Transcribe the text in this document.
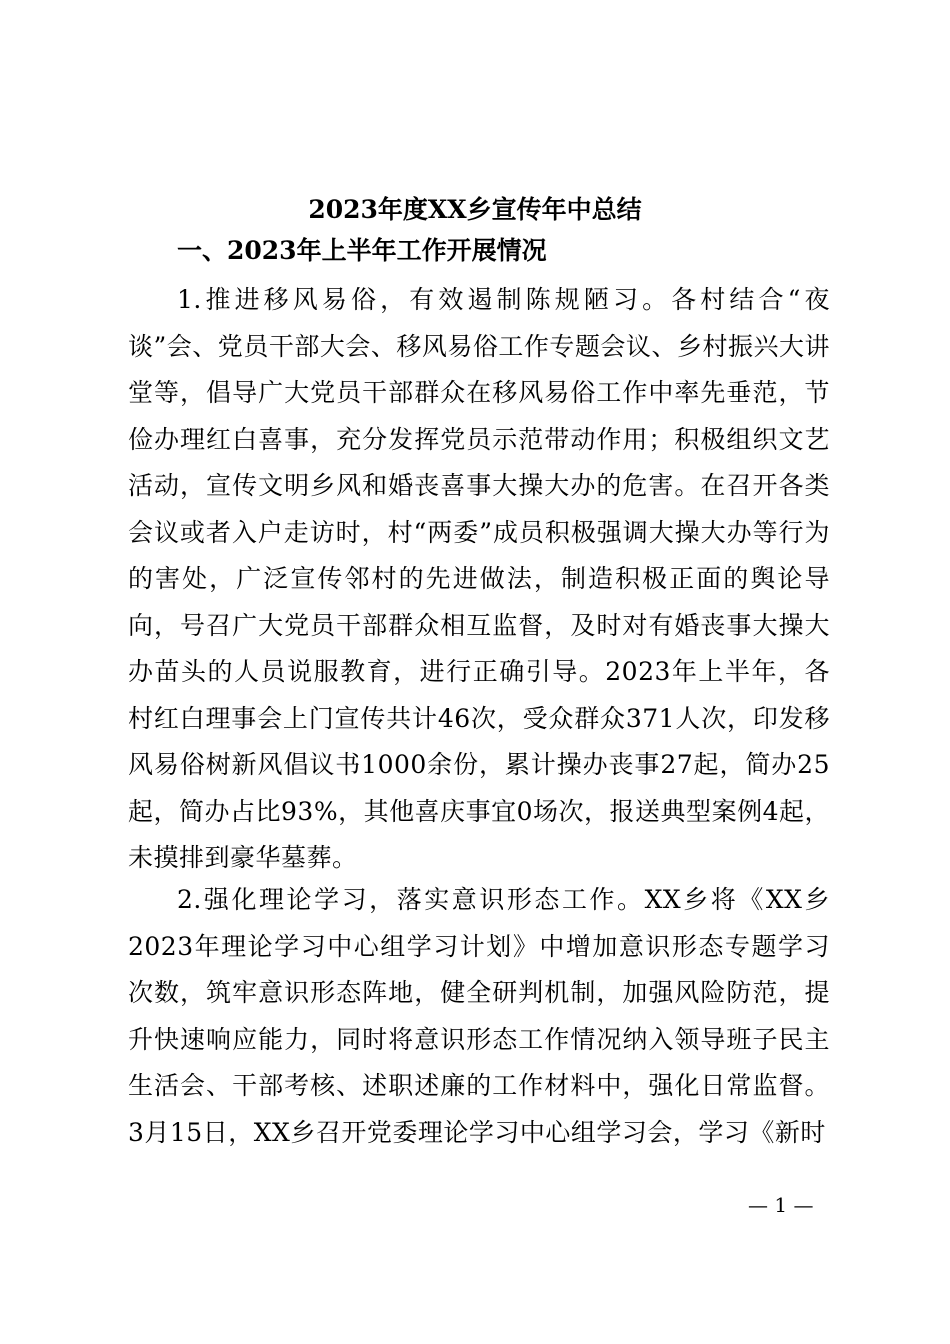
2023年度XX乡宣传年中总结
一、2023年上半年工作开展情况
1.推进移风易俗，有效遏制陈规陋习。各村结合“夜谈”会、党员干部大会、移风易俗工作专题会议、乡村振兴大讲堂等，倡导广大党员干部群众在移风易俗工作中率先垂范，节俭办理红白喜事，充分发挥党员示范带动作用；积极组织文艺活动，宣传文明乡风和婚丧喜事大操大办的危害。在召开各类会议或者入户走访时，村“两委”成员积极强调大操大办等行为的害处，广泛宣传邻村的先进做法，制造积极正面的舆论导向，号召广大党员干部群众相互监督，及时对有婚丧事大操大办苗头的人员说服教育，进行正确引导。2023年上半年，各村红白理事会上门宣传共计46次，受众群众371人次，印发移风易俗树新风倡议书1000余份，累计操办丧事27起，简办25起，简办占比93%，其他喜庆事宜0场次，报送典型案例4起，未摸排到豪华墓葬。
2.强化理论学习，落实意识形态工作。XX乡将《XX乡2023年理论学习中心组学习计划》中增加意识形态专题学习次数，筑牢意识形态阵地，健全研判机制，加强风险防范，提升快速响应能力，同时将意识形态工作情况纳入领导班子民主生活会、干部考核、述职述廉的工作材料中，强化日常监督。3月15日，XX乡召开党委理论学习中心组学习会，学习《新时
— 1 —
